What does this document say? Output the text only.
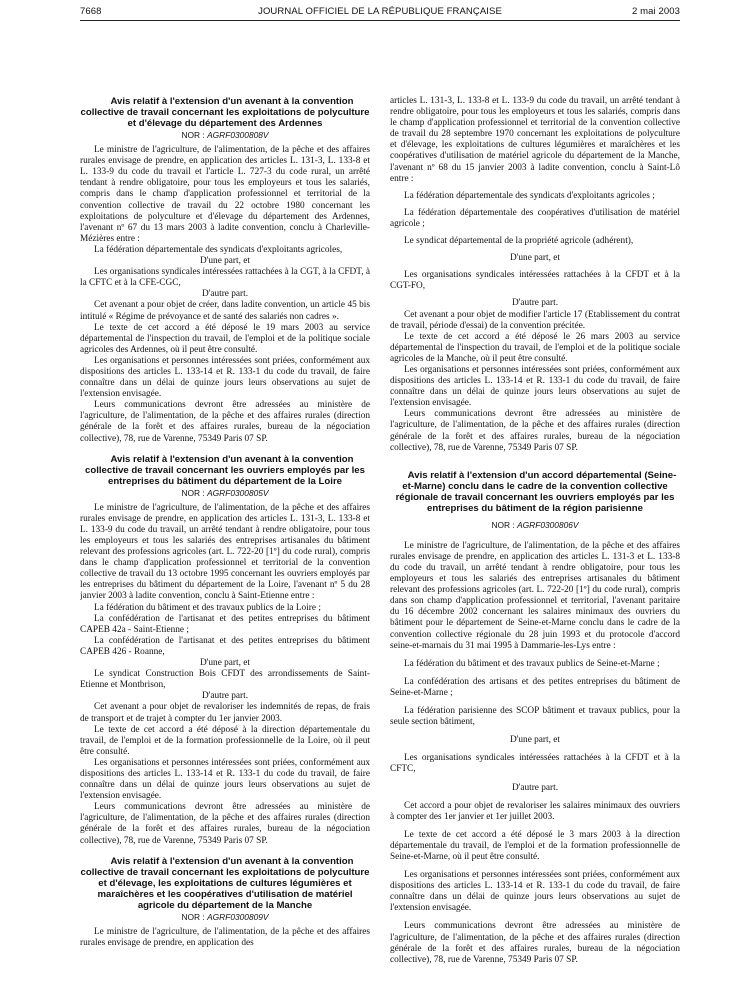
7668	JOURNAL OFFICIEL DE LA RÉPUBLIQUE FRANÇAISE	2 mai 2003

Avis relatif à l'extension d'un avenant à la convention collective de travail concernant les exploitations de polyculture et d'élevage du département des Ardennes

NOR : AGRF0300808V

Le ministre de l'agriculture, de l'alimentation, de la pêche et des affaires rurales envisage de prendre, en application des articles L. 131-3, L. 133-8 et L. 133-9 du code du travail et l'article L. 727-3 du code rural, un arrêté tendant à rendre obligatoire, pour tous les employeurs et tous les salariés, compris dans le champ d'application professionnel et territorial de la convention collective de travail du 22 octobre 1980 concernant les exploitations de polyculture et d'élevage du département des Ardennes, l'avenant nº 67 du 13 mars 2003 à ladite convention, conclu à Charleville-Mézières entre :

La fédération départementale des syndicats d'exploitants agricoles,

D'une part, et

Les organisations syndicales intéressées rattachées à la CGT, à la CFDT, à la CFTC et à la CFE-CGC,

D'autre part.

Cet avenant a pour objet de créer, dans ladite convention, un article 45 bis intitulé « Régime de prévoyance et de santé des salariés non cadres ».

Le texte de cet accord a été déposé le 19 mars 2003 au service départemental de l'inspection du travail, de l'emploi et de la politique sociale agricoles des Ardennes, où il peut être consulté.

Les organisations et personnes intéressées sont priées, conformément aux dispositions des articles L. 133-14 et R. 133-1 du code du travail, de faire connaître dans un délai de quinze jours leurs observations au sujet de l'extension envisagée.

Leurs communications devront être adressées au ministère de l'agriculture, de l'alimentation, de la pêche et des affaires rurales (direction générale de la forêt et des affaires rurales, bureau de la négociation collective), 78, rue de Varenne, 75349 Paris 07 SP.

Avis relatif à l'extension d'un avenant à la convention collective de travail concernant les ouvriers employés par les entreprises du bâtiment du département de la Loire

NOR : AGRF0300805V

Le ministre de l'agriculture, de l'alimentation, de la pêche et des affaires rurales envisage de prendre, en application des articles L. 131-3, L. 133-8 et L. 133-9 du code du travail, un arrêté tendant à rendre obligatoire, pour tous les employeurs et tous les salariés des entreprises artisanales du bâtiment relevant des professions agricoles (art. L. 722-20 [1º] du code rural), compris dans le champ d'application professionnel et territorial de la convention collective de travail du 13 octobre 1995 concernant les ouvriers employés par les entreprises du bâtiment du département de la Loire, l'avenant nº 5 du 28 janvier 2003 à ladite convention, conclu à Saint-Etienne entre :

La fédération du bâtiment et des travaux publics de la Loire ;

La confédération de l'artisanat et des petites entreprises du bâtiment CAPEB 42a - Saint-Etienne ;

La confédération de l'artisanat et des petites entreprises du bâtiment CAPEB 426 - Roanne,

D'une part, et

Le syndicat Construction Bois CFDT des arrondissements de Saint-Etienne et Montbrison,

D'autre part.

Cet avenant a pour objet de revaloriser les indemnités de repas, de frais de transport et de trajet à compter du 1er janvier 2003.

Le texte de cet accord a été déposé à la direction départementale du travail, de l'emploi et de la formation professionnelle de la Loire, où il peut être consulté.

Les organisations et personnes intéressées sont priées, conformément aux dispositions des articles L. 133-14 et R. 133-1 du code du travail, de faire connaître dans un délai de quinze jours leurs observations au sujet de l'extension envisagée.

Leurs communications devront être adressées au ministère de l'agriculture, de l'alimentation, de la pêche et des affaires rurales (direction générale de la forêt et des affaires rurales, bureau de la négociation collective), 78, rue de Varenne, 75349 Paris 07 SP.

Avis relatif à l'extension d'un avenant à la convention collective de travail concernant les exploitations de polyculture et d'élevage, les exploitations de cultures légumières et maraîchères et les coopératives d'utilisation de matériel agricole du département de la Manche

NOR : AGRF0300809V

Le ministre de l'agriculture, de l'alimentation, de la pêche et des affaires rurales envisage de prendre, en application des

articles L. 131-3, L. 133-8 et L. 133-9 du code du travail, un arrêté tendant à rendre obligatoire, pour tous les employeurs et tous les salariés, compris dans le champ d'application professionnel et territorial de la convention collective de travail du 28 septembre 1970 concernant les exploitations de polyculture et d'élevage, les exploitations de cultures légumières et maraîchères et les coopératives d'utilisation de matériel agricole du département de la Manche, l'avenant nº 68 du 15 janvier 2003 à ladite convention, conclu à Saint-Lô entre :

La fédération départementale des syndicats d'exploitants agricoles ;

La fédération départementale des coopératives d'utilisation de matériel agricole ;

Le syndicat départemental de la propriété agricole (adhérent),

D'une part, et

Les organisations syndicales intéressées rattachées à la CFDT et à la CGT-FO,

D'autre part.

Cet avenant a pour objet de modifier l'article 17 (Etablissement du contrat de travail, période d'essai) de la convention précitée.

Le texte de cet accord a été déposé le 26 mars 2003 au service départemental de l'inspection du travail, de l'emploi et de la politique sociale agricoles de la Manche, où il peut être consulté.

Les organisations et personnes intéressées sont priées, conformément aux dispositions des articles L. 133-14 et R. 133-1 du code du travail, de faire connaître dans un délai de quinze jours leurs observations au sujet de l'extension envisagée.

Leurs communications devront être adressées au ministère de l'agriculture, de l'alimentation, de la pêche et des affaires rurales (direction générale de la forêt et des affaires rurales, bureau de la négociation collective), 78, rue de Varenne, 75349 Paris 07 SP.

Avis relatif à l'extension d'un accord départemental (Seine-et-Marne) conclu dans le cadre de la convention collective régionale de travail concernant les ouvriers employés par les entreprises du bâtiment de la région parisienne

NOR : AGRF0300806V

Le ministre de l'agriculture, de l'alimentation, de la pêche et des affaires rurales envisage de prendre, en application des articles L. 131-3 et L. 133-8 du code du travail, un arrêté tendant à rendre obligatoire, pour tous les employeurs et tous les salariés des entreprises artisanales du bâtiment relevant des professions agricoles (art. L. 722-20 [1º] du code rural), compris dans son champ d'application professionnel et territorial, l'avenant paritaire du 16 décembre 2002 concernant les salaires minimaux des ouvriers du bâtiment pour le département de Seine-et-Marne conclu dans le cadre de la convention collective régionale du 28 juin 1993 et du protocole d'accord seine-et-marnais du 31 mai 1995 à Dammarie-les-Lys entre :

La fédération du bâtiment et des travaux publics de Seine-et-Marne ;

La confédération des artisans et des petites entreprises du bâtiment de Seine-et-Marne ;

La fédération parisienne des SCOP bâtiment et travaux publics, pour la seule section bâtiment,

D'une part, et

Les organisations syndicales intéressées rattachées à la CFDT et à la CFTC,

D'autre part.

Cet accord a pour objet de revaloriser les salaires minimaux des ouvriers à compter des 1er janvier et 1er juillet 2003.

Le texte de cet accord a été déposé le 3 mars 2003 à la direction départementale du travail, de l'emploi et de la formation professionnelle de Seine-et-Marne, où il peut être consulté.

Les organisations et personnes intéressées sont priées, conformément aux dispositions des articles L. 133-14 et R. 133-1 du code du travail, de faire connaître dans un délai de quinze jours leurs observations au sujet de l'extension envisagée.

Leurs communications devront être adressées au ministère de l'agriculture, de l'alimentation, de la pêche et des affaires rurales (direction générale de la forêt et des affaires rurales, bureau de la négociation collective), 78, rue de Varenne, 75349 Paris 07 SP.
